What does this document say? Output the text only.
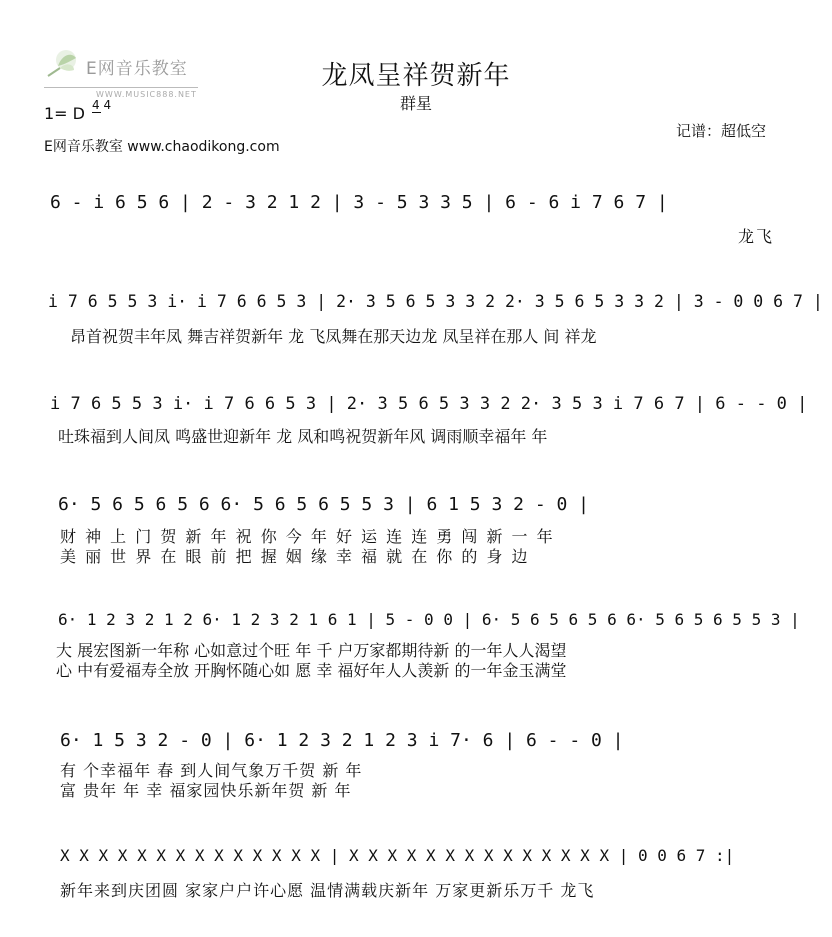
E网音乐教室
WWW.MUSIC888.NET
龙凤呈祥贺新年
群星
1= D 4 4
E网音乐教室 www.chaodikong.com
记谱：超低空
6 - i 6 5 6 | 2 - 3 2 1 2 | 3 - 5 3 3 5 | 6 - 6 i 7 6 7 |
龙飞
i 7 6 5 5 3 i· i 7 6 6 5 3 | 2· 3 5 6 5 3 3 2 2· 3 5 6 5 3 3 2 | 3 - 0 0 6 7 |
昂首祝贺丰年凤 舞吉祥贺新年 龙 飞凤舞在那天边龙 凤呈祥在那人 间 祥龙
i 7 6 5 5 3 i· i 7 6 6 5 3 | 2· 3 5 6 5 3 3 2 2· 3 5 3 i 7 6 7 | 6 - - 0 |
吐珠福到人间凤 鸣盛世迎新年 龙 凤和鸣祝贺新年风 调雨顺幸福年 年
6· 5 6 5 6 5 6 6· 5 6 5 6 5 5 3 | 6 1 5 3 2 - 0 |
财 神 上 门 贺 新 年 祝 你 今 年 好 运 连 连 勇 闯 新 一 年
美 丽 世 界 在 眼 前 把 握 姻 缘 幸 福 就 在 你 的 身 边
6· 1 2 3 2 1 2 6· 1 2 3 2 1 6 1 | 5 - 0 0 | 6· 5 6 5 6 5 6 6· 5 6 5 6 5 5 3 |
大 展宏图新一年称 心如意过个旺 年 千 户万家都期待新 的一年人人渴望
心 中有爱福寿全放 开胸怀随心如 愿 幸 福好年人人羡新 的一年金玉满堂
6· 1 5 3 2 - 0 | 6· 1 2 3 2 1 2 3 i 7· 6 | 6 - - 0 |
有 个幸福年 春 到人间气象万千贺 新 年
富 贵年 年 幸 福家园快乐新年贺 新 年
X X X X X X X X X X X X X X | X X X X X X X X X X X X X X | 0 0 6 7 :|
新年来到庆团圆 家家户户许心愿 温情满载庆新年 万家更新乐万千 龙飞
